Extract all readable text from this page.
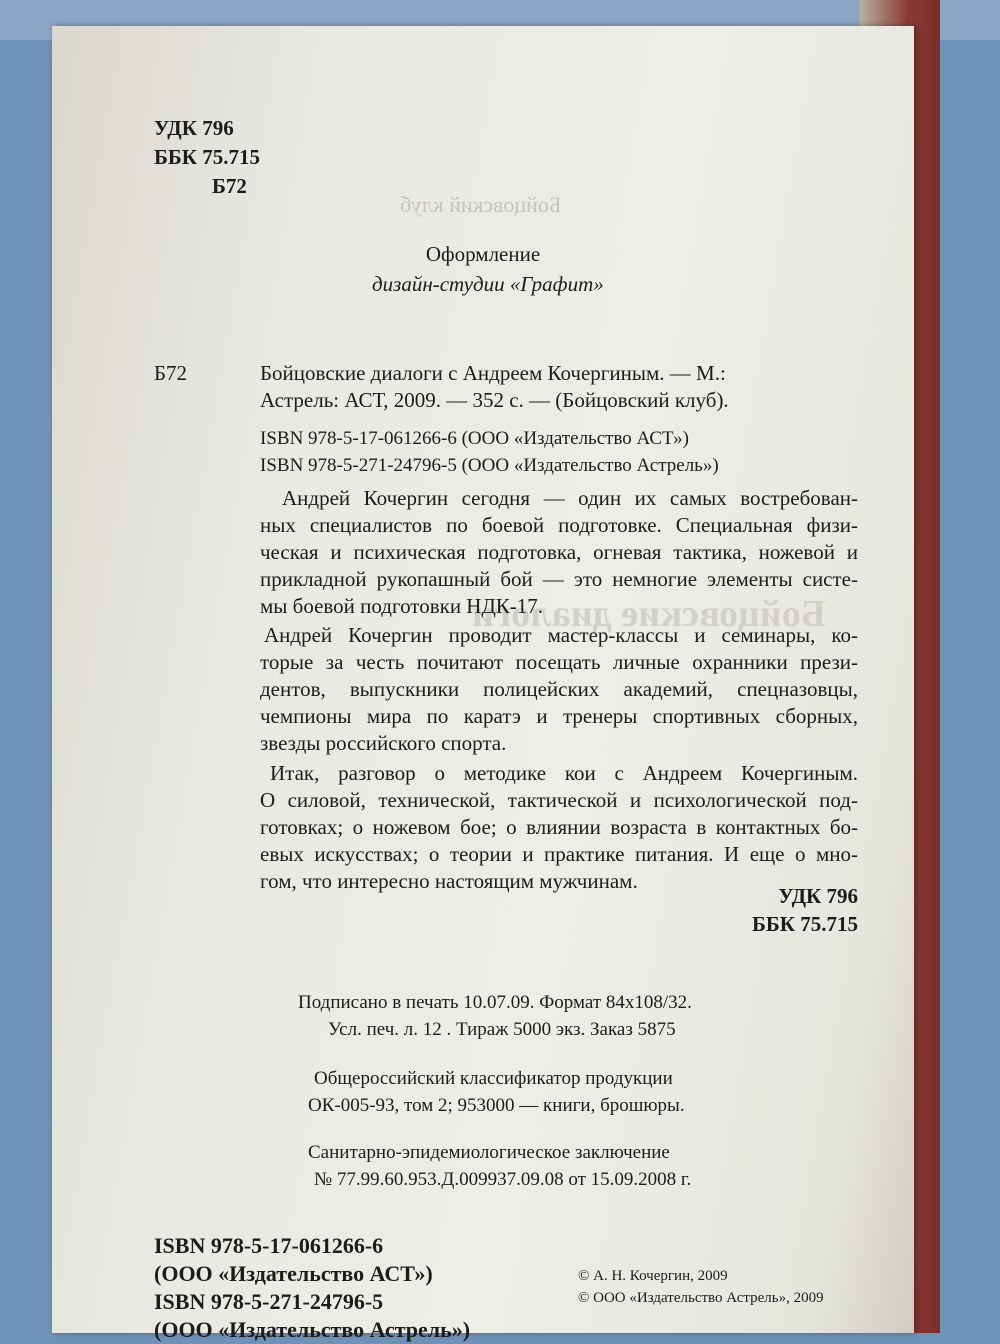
Бойцовский клуб
Бойцовские диалоги
УДК 796
ББК 75.715
Б72
Оформление
дизайн-студии «Графит»
Б72	Бойцовские диалоги с Андреем Кочергиным. — М.:
Астрель: АСТ, 2009. — 352 с. — (Бойцовский клуб).
ISBN 978-5-17-061266-6 (ООО «Издательство АСТ»)
ISBN 978-5-271-24796-5 (ООО «Издательство Астрель»)
Андрей Кочергин сегодня — один их самых востребован-
ных специалистов по боевой подготовке. Специальная физи-
ческая и психическая подготовка, огневая тактика, ножевой и
прикладной рукопашный бой — это немногие элементы систе-
мы боевой подготовки НДК-17.
Андрей Кочергин проводит мастер-классы и семинары, ко-
торые за честь почитают посещать личные охранники прези-
дентов, выпускники полицейских академий, спецназовцы,
чемпионы мира по каратэ и тренеры спортивных сборных,
звезды российского спорта.
Итак, разговор о методике кои с Андреем Кочергиным.
О силовой, технической, тактической и психологической под-
готовках; о ножевом бое; о влиянии возраста в контактных бо-
евых искусствах; о теории и практике питания. И еще о мно-
гом, что интересно настоящим мужчинам.
УДК 796
ББК 75.715
Подписано в печать 10.07.09. Формат 84х108/32.
Усл. печ. л. 12 . Тираж 5000 экз. Заказ 5875
Общероссийский классификатор продукции
ОК-005-93, том 2; 953000 — книги, брошюры.
Санитарно-эпидемиологическое заключение
№ 77.99.60.953.Д.009937.09.08 от 15.09.2008 г.
ISBN 978-5-17-061266-6
(ООО «Издательство АСТ»)
ISBN 978-5-271-24796-5
(ООО «Издательство Астрель»)
© А. Н. Кочергин, 2009
© ООО «Издательство Астрель», 2009
